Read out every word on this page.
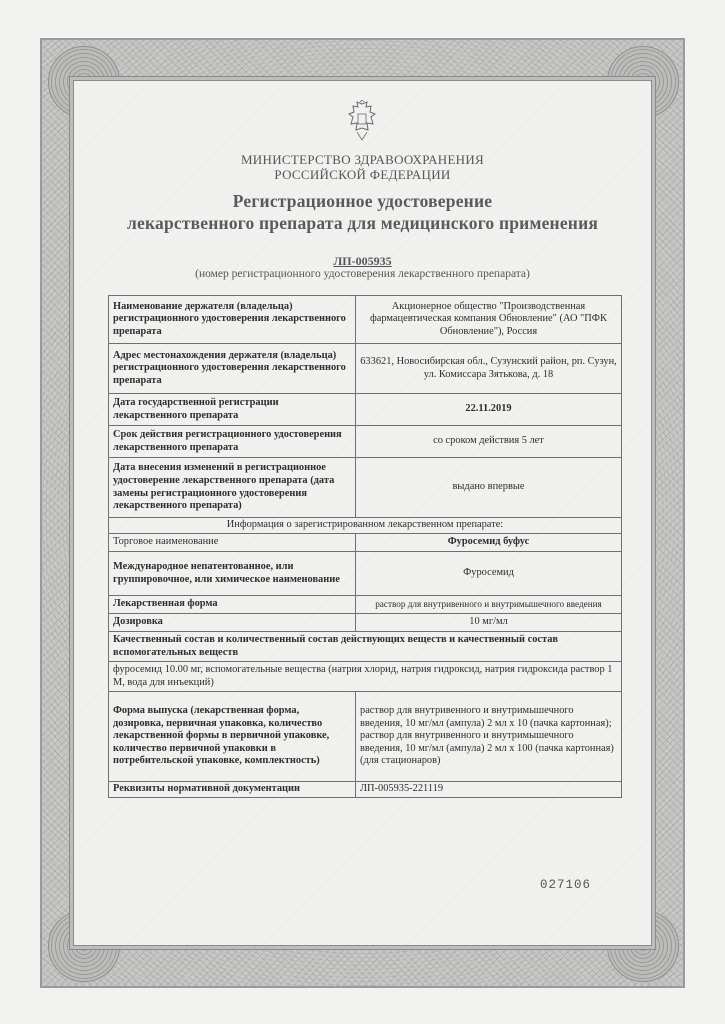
МИНИСТЕРСТВО ЗДРАВООХРАНЕНИЯ
РОССИЙСКОЙ ФЕДЕРАЦИИ
Регистрационное удостоверение
лекарственного препарата для медицинского применения
ЛП-005935
(номер регистрационного удостоверения лекарственного препарата)
Наименование держателя (владельца) регистрационного удостоверения лекарственного препарата	Акционерное общество "Производственная фармацевтическая компания Обновление" (АО "ПФК Обновление"), Россия
Адрес местонахождения держателя (владельца) регистрационного удостоверения лекарственного препарата	633621, Новосибирская обл., Сузунский район, рп. Сузун, ул. Комиссара Зятькова, д. 18
Дата государственной регистрации лекарственного препарата	22.11.2019
Срок действия регистрационного удостоверения лекарственного препарата	со сроком действия 5 лет
Дата внесения изменений в регистрационное удостоверение лекарственного препарата (дата замены регистрационного удостоверения лекарственного препарата)	выдано впервые
Информация о зарегистрированном лекарственном препарате:	
Торговое наименование	Фуросемид буфус
Международное непатентованное, или группировочное, или химическое наименование	Фуросемид
Лекарственная форма	раствор для внутривенного и внутримышечного введения
Дозировка	10 мг/мл
Качественный состав и количественный состав действующих веществ и качественный состав вспомогательных веществ	
фуросемид 10.00 мг, вспомогательные вещества (натрия хлорид, натрия гидроксид, натрия гидроксида раствор 1 М, вода для инъекций)	
Форма выпуска (лекарственная форма, дозировка, первичная упаковка, количество лекарственной формы в первичной упаковке, количество первичной упаковки в потребительской упаковке, комплектность)	раствор для внутривенного и внутримышечного введения, 10 мг/мл (ампула) 2 мл x 10 (пачка картонная);
раствор для внутривенного и внутримышечного введения, 10 мг/мл (ампула) 2 мл x 100 (пачка картонная) (для стационаров)

Реквизиты нормативной документации	ЛП-005935-221119
027106
